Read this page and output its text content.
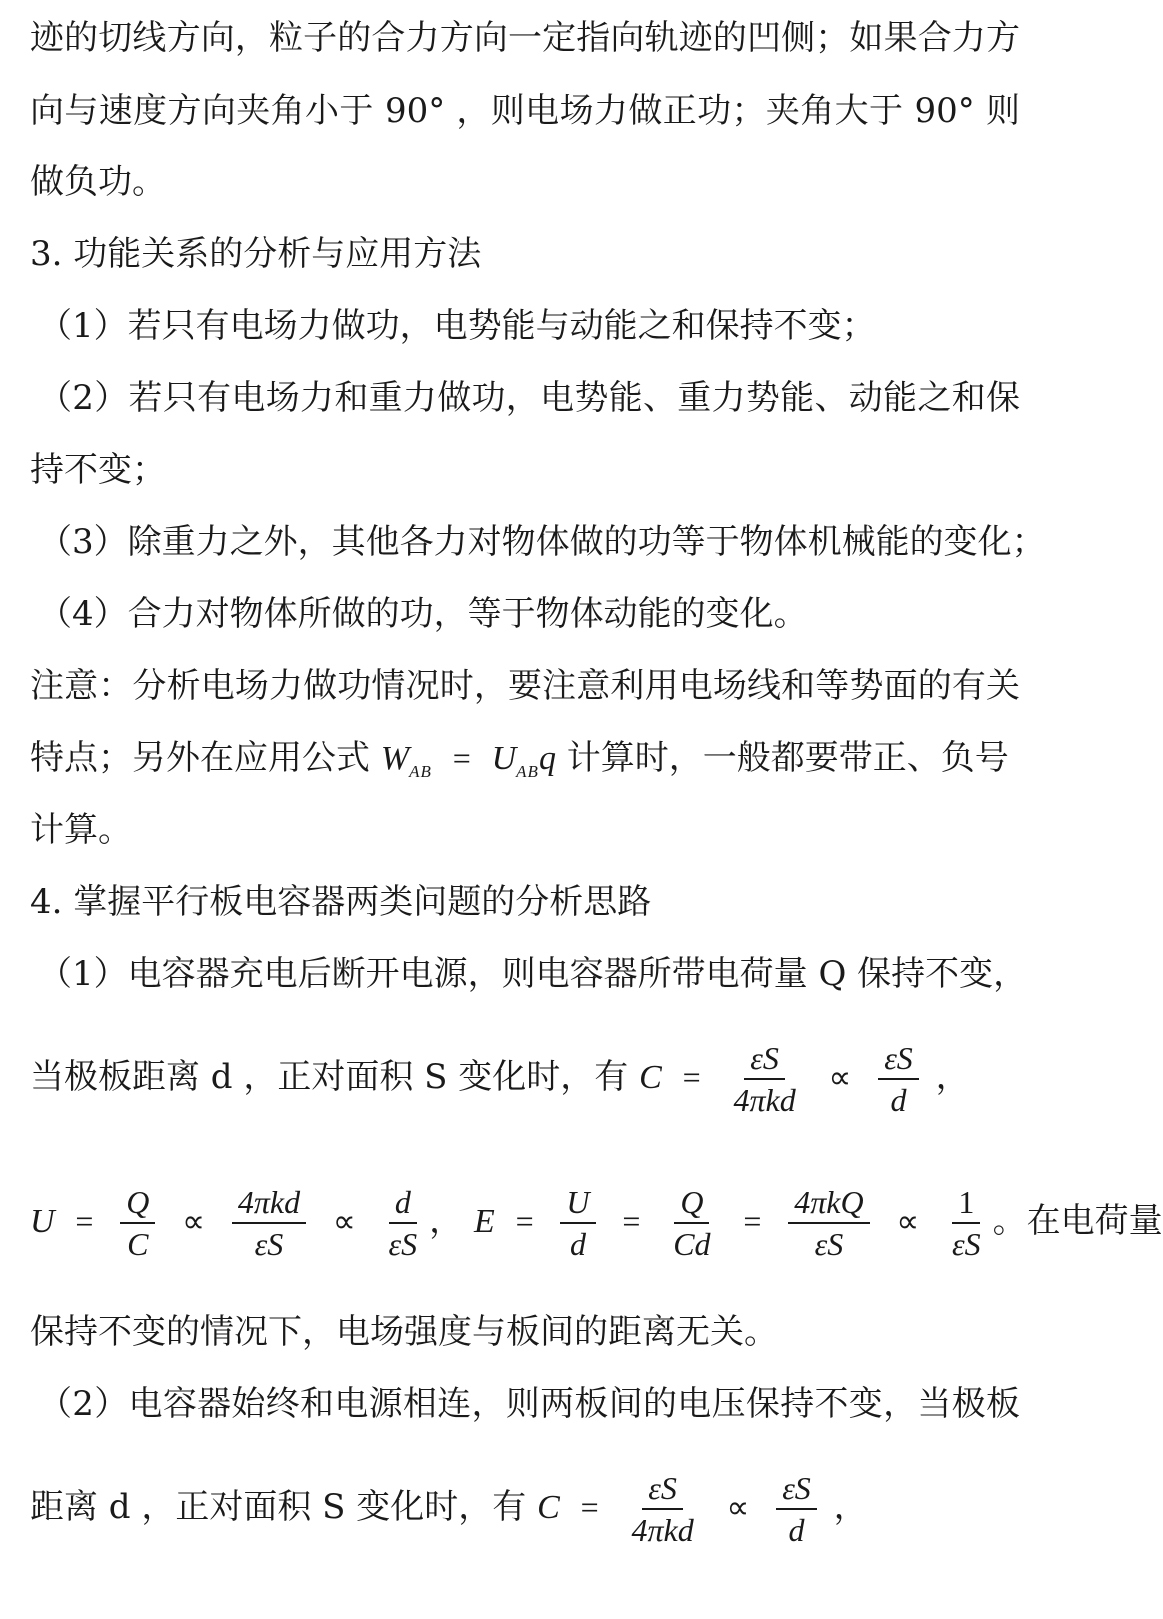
迹的切线方向，粒子的合力方向一定指向轨迹的凹侧；如果合力方
向与速度方向夹角小于 90° ，则电场力做正功；夹角大于 90° 则
做负功。
3. 功能关系的分析与应用方法
（1）若只有电场力做功，电势能与动能之和保持不变；
（2）若只有电场力和重力做功，电势能、重力势能、动能之和保
持不变；
（3）除重力之外，其他各力对物体做的功等于物体机械能的变化；
（4）合力对物体所做的功，等于物体动能的变化。
注意：分析电场力做功情况时，要注意利用电场线和等势面的有关
特点；另外在应用公式 $W_{AB} = U_{AB}q$ 计算时，一般都要带正、负号
计算。
4. 掌握平行板电容器两类问题的分析思路
（1）电容器充电后断开电源，则电容器所带电荷量 Q 保持不变，
当极板距离 d ，正对面积 S 变化时，有 $C = \frac{\varepsilon S}{\text{4πkd}} \propto \frac{\varepsilon S}{d}$ ，
$U = \frac{Q}{C} \propto \frac{\text{4πkd}}{\varepsilon S} \propto \frac{d}{\varepsilon S}$ ， $E = \frac{U}{d} = \frac{Q}{Cd} = \frac{\text{4πkQ}}{\varepsilon S} \propto \frac{1}{\varepsilon S}$ 。在电荷量
保持不变的情况下，电场强度与板间的距离无关。
（2）电容器始终和电源相连，则两板间的电压保持不变，当极板
距离 d ，正对面积 S 变化时，有 $C = \frac{\varepsilon S}{\text{4πkd}} \propto \frac{\varepsilon S}{d}$ ，
